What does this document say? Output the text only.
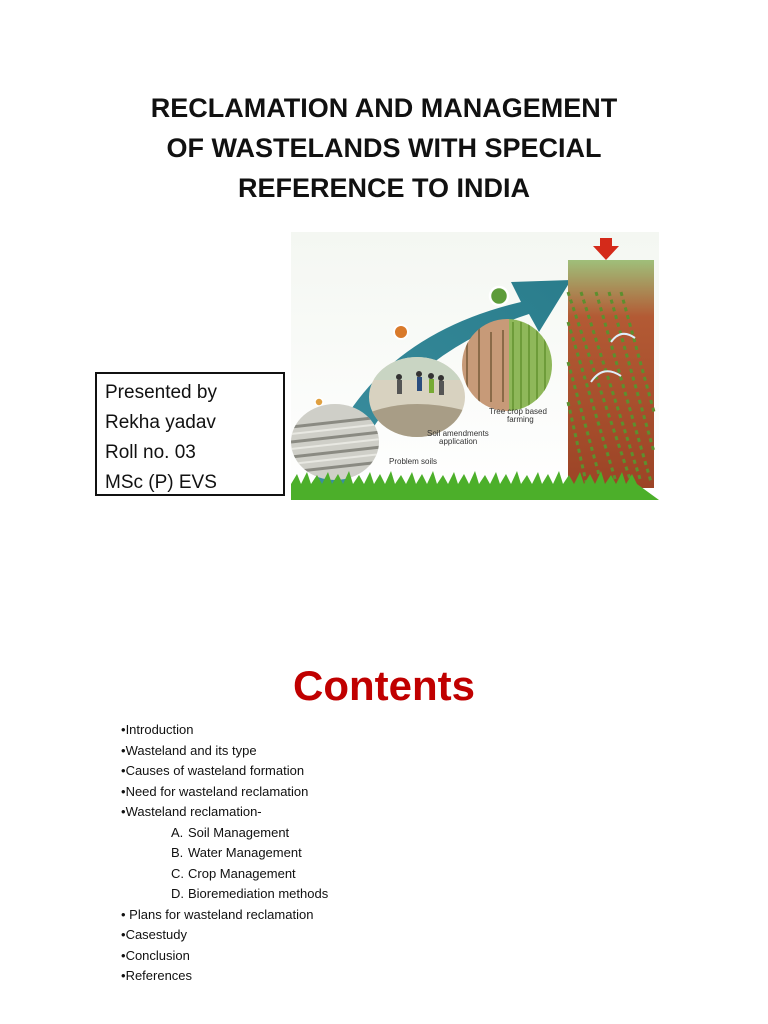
RECLAMATION AND MANAGEMENT
OF WASTELANDS WITH SPECIAL
REFERENCE TO INDIA
Problem soils
Soil amendments
application
Tree crop based
farming
Presented by
Rekha yadav
Roll no. 03
MSc (P) EVS
Contents
•Introduction
•Wasteland and its type
•Causes of wasteland formation
•Need for wasteland reclamation
•Wasteland reclamation-
A. Soil Management
B. Water Management
C. Crop Management
D. Bioremediation methods
• Plans for wasteland reclamation
•Casestudy
•Conclusion
•References
